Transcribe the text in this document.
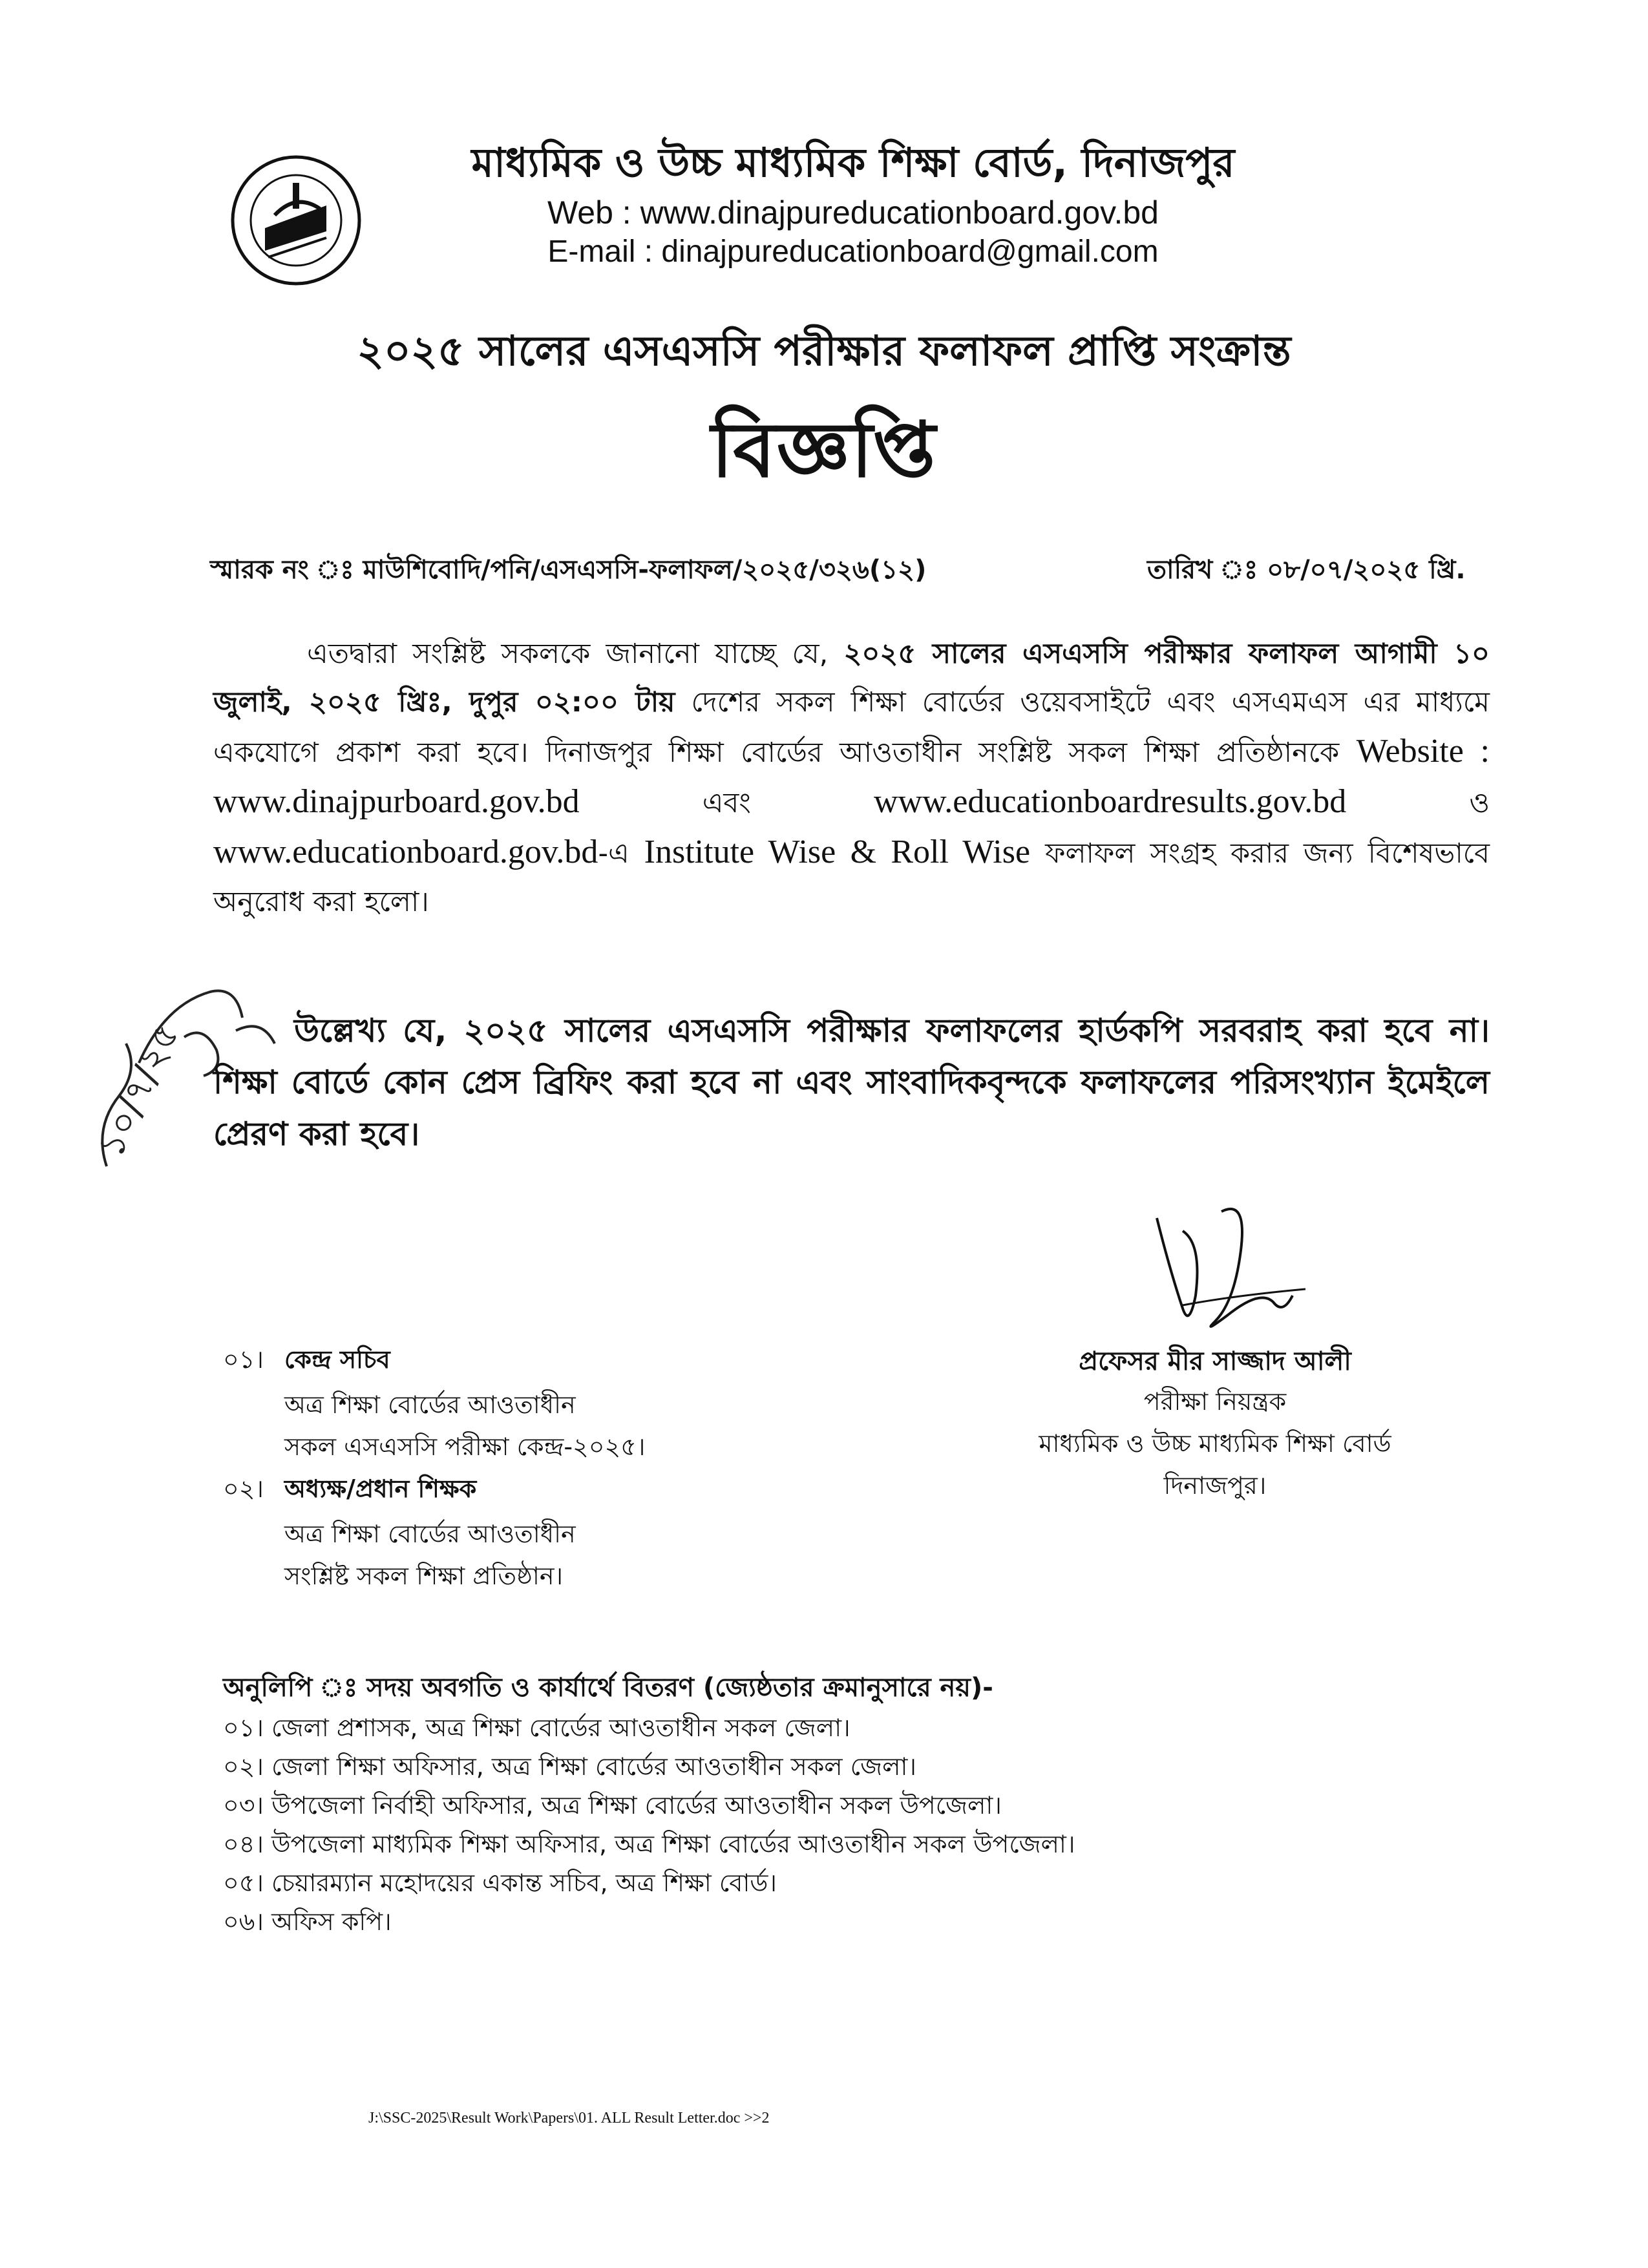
মাধ্যমিক ও উচ্চ মাধ্যমিক শিক্ষা বোর্ড, দিনাজপুর
Web : www.dinajpureducationboard.gov.bd
E-mail : dinajpureducationboard@gmail.com
২০২৫ সালের এসএসসি পরীক্ষার ফলাফল প্রাপ্তি সংক্রান্ত
বিজ্ঞপ্তি
স্মারক নং ঃ মাউশিবোদি/পনি/এসএসসি-ফলাফল/২০২৫/৩২৬(১২)	তারিখ ঃ ০৮/০৭/২০২৫ খ্রি.
এতদ্বারা সংশ্লিষ্ট সকলকে জানানো যাচ্ছে যে, ২০২৫ সালের এসএসসি পরীক্ষার ফলাফল আগামী ১০ জুলাই, ২০২৫ খ্রিঃ, দুপুর ০২:০০ টায় দেশের সকল শিক্ষা বোর্ডের ওয়েবসাইটে এবং এসএমএস এর মাধ্যমে একযোগে প্রকাশ করা হবে। দিনাজপুর শিক্ষা বোর্ডের আওতাধীন সংশ্লিষ্ট সকল শিক্ষা প্রতিষ্ঠানকে Website : www.dinajpurboard.gov.bd এবং www.educationboardresults.gov.bd ও www.educationboard.gov.bd-এ Institute Wise & Roll Wise ফলাফল সংগ্রহ করার জন্য বিশেষভাবে অনুরোধ করা হলো।
১০/৭/২৫	উল্লেখ্য যে, ২০২৫ সালের এসএসসি পরীক্ষার ফলাফলের হার্ডকপি সরবরাহ করা হবে না। শিক্ষা বোর্ডে কোন প্রেস ব্রিফিং করা হবে না এবং সাংবাদিকবৃন্দকে ফলাফলের পরিসংখ্যান ইমেইলে প্রেরণ করা হবে।
প্রফেসর মীর সাজ্জাদ আলী
পরীক্ষা নিয়ন্ত্রক
মাধ্যমিক ও উচ্চ মাধ্যমিক শিক্ষা বোর্ড
দিনাজপুর।
০১। কেন্দ্র সচিব
অত্র শিক্ষা বোর্ডের আওতাধীন
সকল এসএসসি পরীক্ষা কেন্দ্র-২০২৫।
০২। অধ্যক্ষ/প্রধান শিক্ষক
অত্র শিক্ষা বোর্ডের আওতাধীন
সংশ্লিষ্ট সকল শিক্ষা প্রতিষ্ঠান।
অনুলিপি ঃ সদয় অবগতি ও কার্যার্থে বিতরণ (জ্যেষ্ঠতার ক্রমানুসারে নয়)-
০১। জেলা প্রশাসক, অত্র শিক্ষা বোর্ডের আওতাধীন সকল জেলা।
০২। জেলা শিক্ষা অফিসার, অত্র শিক্ষা বোর্ডের আওতাধীন সকল জেলা।
০৩। উপজেলা নির্বাহী অফিসার, অত্র শিক্ষা বোর্ডের আওতাধীন সকল উপজেলা।
০৪। উপজেলা মাধ্যমিক শিক্ষা অফিসার, অত্র শিক্ষা বোর্ডের আওতাধীন সকল উপজেলা।
০৫। চেয়ারম্যান মহোদয়ের একান্ত সচিব, অত্র শিক্ষা বোর্ড।
০৬। অফিস কপি।
J:\SSC-2025\Result Work\Papers\01. ALL Result Letter.doc >>2
